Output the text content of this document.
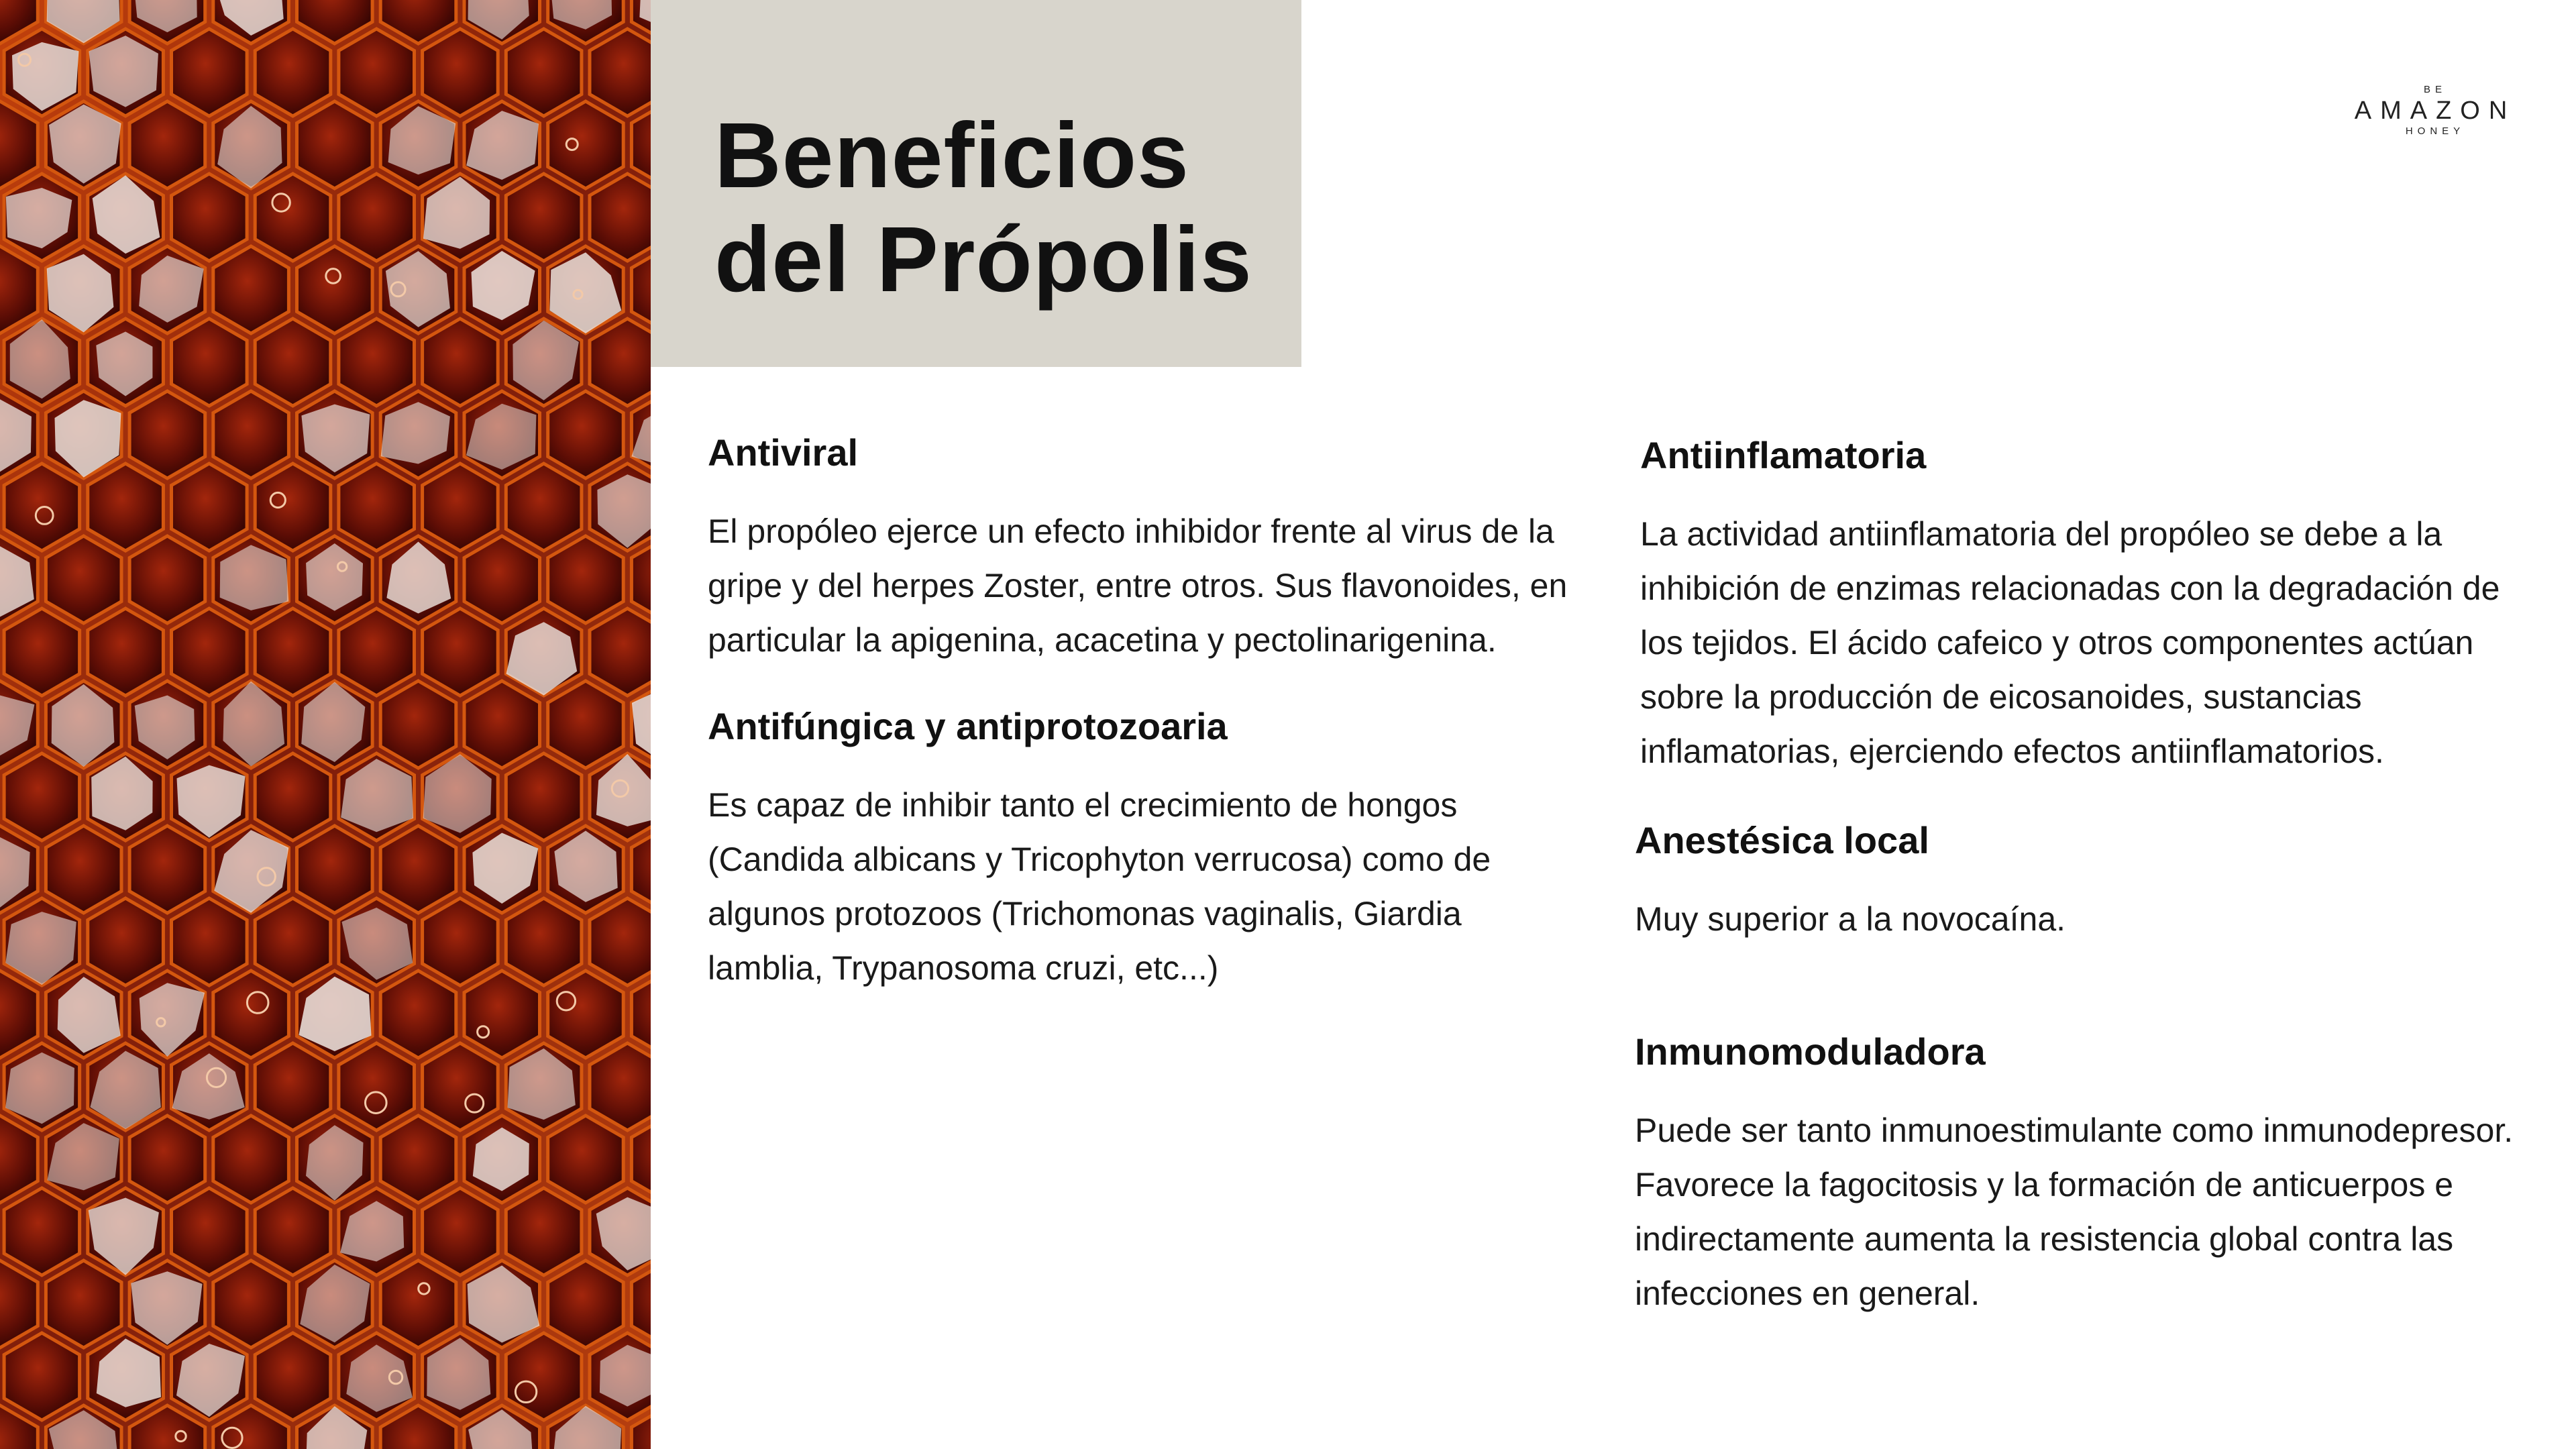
Beneficios
del Própolis
BE
AMAZON
HONEY
Antiviral

El propóleo ejerce un efecto inhibidor frente al virus de la gripe y del herpes Zoster, entre otros. Sus flavonoides, en particular la apigenina, acacetina y pectolinarigenina.

Antifúngica y antiprotozoaria

Es capaz de inhibir tanto el crecimiento de hongos (Candida albicans y Tricophyton verrucosa) como de algunos protozoos (Trichomonas vaginalis, Giardia lamblia, Trypanosoma cruzi, etc...)

Antiinflamatoria

La actividad antiinflamatoria del propóleo se debe a la inhibición de enzimas relacionadas con la degradación de los tejidos. El ácido cafeico y otros componentes actúan sobre la producción de eicosanoides, sustancias inflamatorias, ejerciendo efectos antiinflamatorios.

Anestésica local

Muy superior a la novocaína.

Inmunomoduladora

Puede ser tanto inmunoestimulante como inmunodepresor. Favorece la fagocitosis y la formación de anticuerpos e indirectamente aumenta la resistencia global contra las infecciones en general.
